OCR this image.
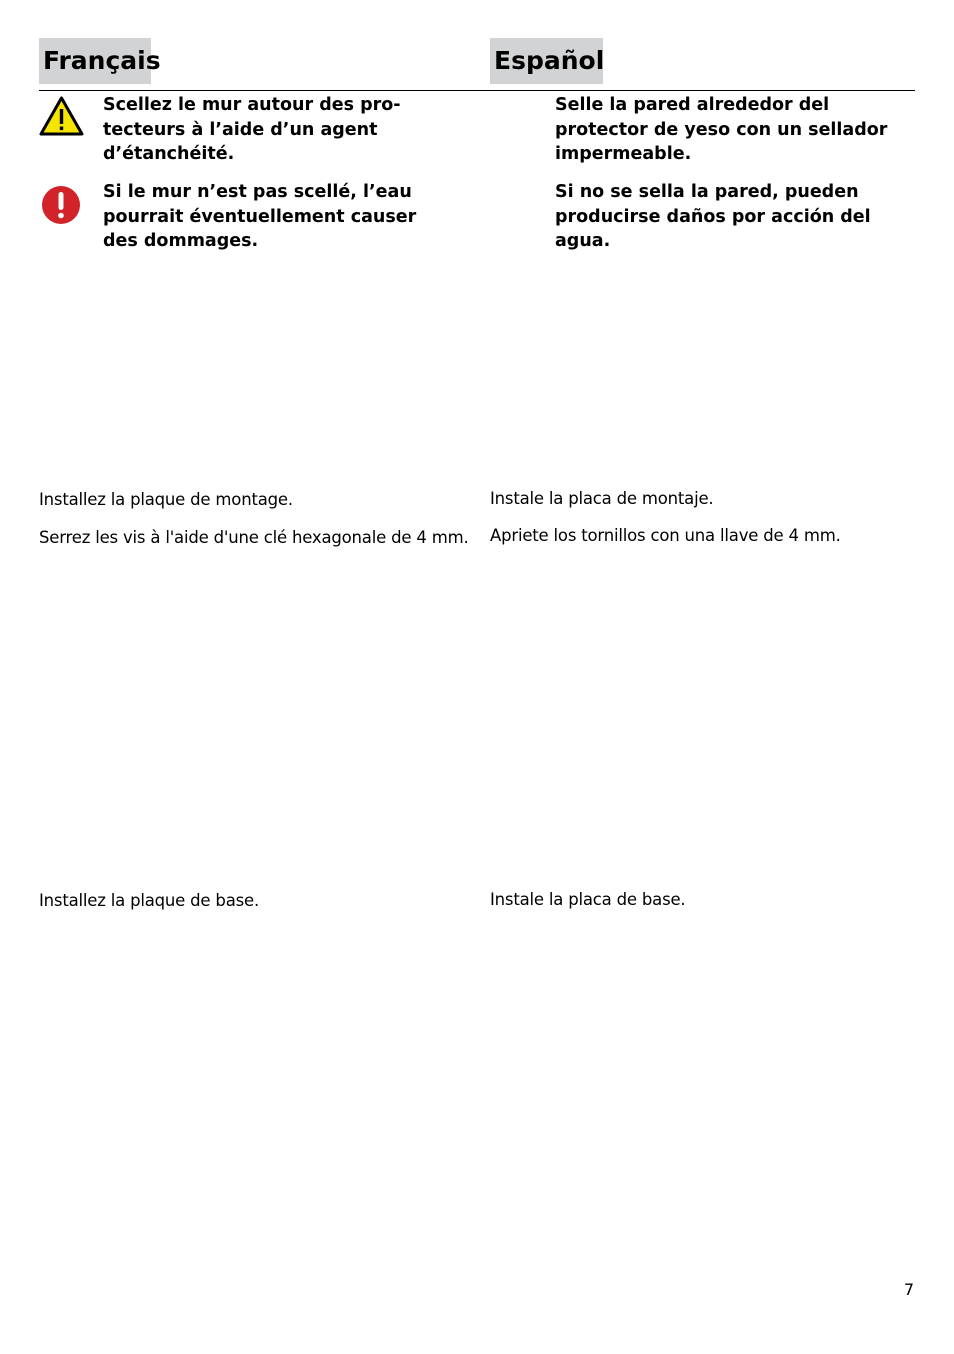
Français
Scellez le mur autour des pro-
tecteurs à l’aide d’un agent
d’étanchéité.
Si le mur n’est pas scellé, l’eau
pourrait éventuellement causer
des dommages.
Installez la plaque de montage.
Serrez les vis à l'aide d'une clé hexagonale de 4 mm.
Installez la plaque de base.
Español
Selle la pared alrededor del
protector de yeso con un sellador
impermeable.
Si no se sella la pared, pueden
producirse daños por acción del
agua.
Instale la placa de montaje.
Apriete los tornillos con una llave de 4 mm.
Instale la placa de base.
7
